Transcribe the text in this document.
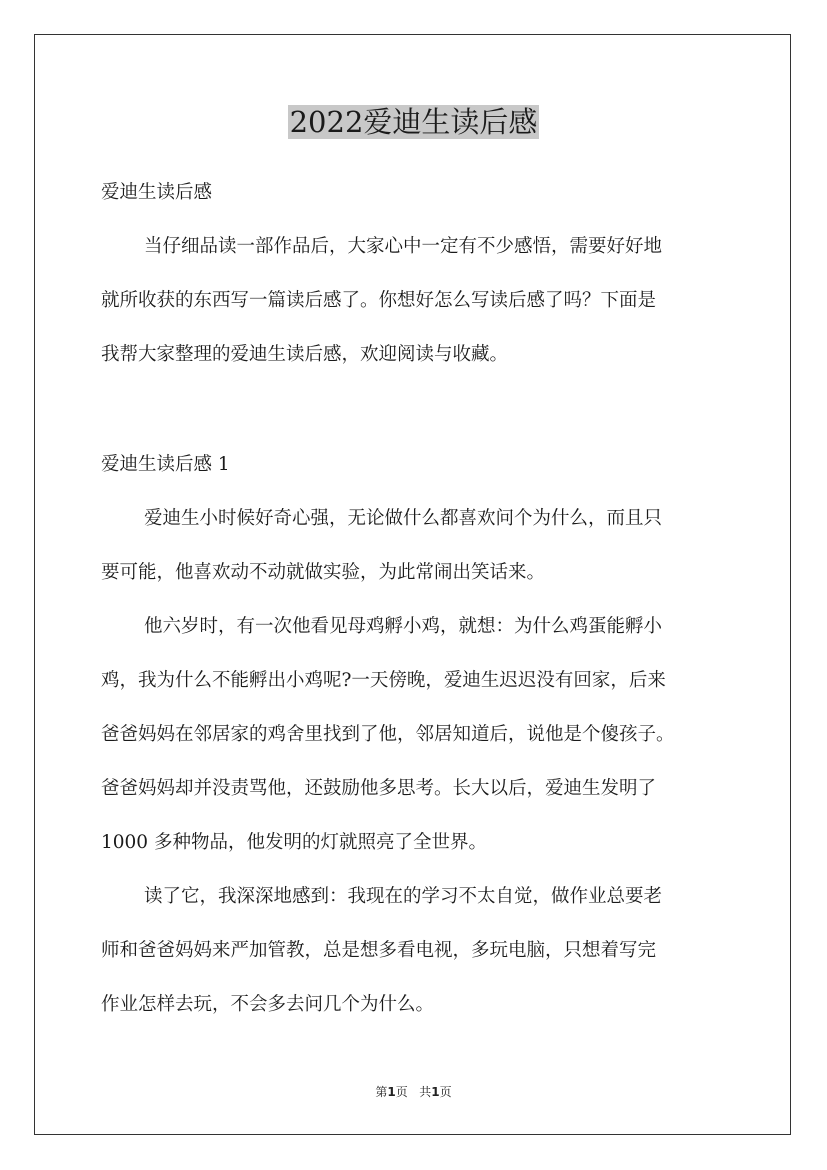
2022爱迪生读后感
爱迪生读后感
当仔细品读一部作品后，大家心中一定有不少感悟，需要好好地
就所收获的东西写一篇读后感了。你想好怎么写读后感了吗？下面是
我帮大家整理的爱迪生读后感，欢迎阅读与收藏。
爱迪生读后感 1
爱迪生小时候好奇心强，无论做什么都喜欢问个为什么，而且只
要可能，他喜欢动不动就做实验，为此常闹出笑话来。
他六岁时，有一次他看见母鸡孵小鸡，就想：为什么鸡蛋能孵小
鸡，我为什么不能孵出小鸡呢?一天傍晚，爱迪生迟迟没有回家，后来
爸爸妈妈在邻居家的鸡舍里找到了他，邻居知道后，说他是个傻孩子。
爸爸妈妈却并没责骂他，还鼓励他多思考。长大以后，爱迪生发明了
1000 多种物品，他发明的灯就照亮了全世界。
读了它，我深深地感到：我现在的学习不太自觉，做作业总要老
师和爸爸妈妈来严加管教，总是想多看电视，多玩电脑，只想着写完
作业怎样去玩，不会多去问几个为什么。
第1页 共1页
